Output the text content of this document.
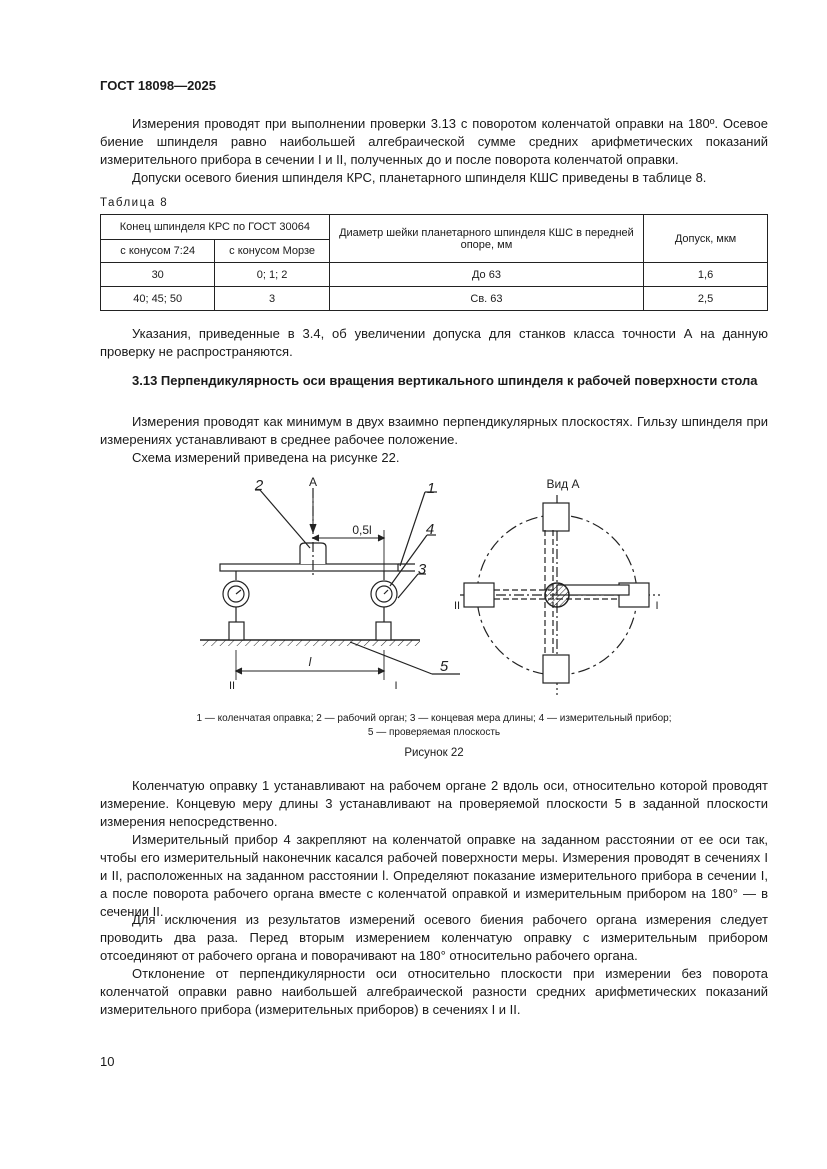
ГОСТ 18098—2025

Измерения проводят при выполнении проверки 3.13 с поворотом коленчатой оправки на 180º. Осевое биение шпинделя равно наибольшей алгебраической сумме средних арифметических показаний измерительного прибора в сечении I и II, полученных до и после поворота коленчатой оправки.

Допуски осевого биения шпинделя КРС, планетарного шпинделя КШС приведены в таблице 8.

Таблица 8
Конец шпинделя КРС по ГОСТ 30064		Диаметр шейки планетарного шпинделя КШС в передней опоре, мм	Допуск, мкм
с конусом 7:24	с конусом Морзе		
30	0; 1; 2	До 63	1,6
40; 45; 50	3	Св. 63	2,5

Указания, приведенные в 3.4, об увеличении допуска для станков класса точности А на данную проверку не распространяются.

3.13 Перпендикулярность оси вращения вертикального шпинделя к рабочей поверхности стола

Измерения проводят как минимум в двух взаимно перпендикулярных плоскостях. Гильзу шпинделя при измерениях устанавливают в среднее рабочее положение.

Схема измерений приведена на рисунке 22.

А	Вид А
0,5l
l
2	1
4
3
5
II	I
II	I

1 — коленчатая оправка; 2 — рабочий орган; 3 — концевая мера длины; 4 — измерительный прибор;

5 — проверяемая плоскость

Рисунок 22

Коленчатую оправку 1 устанавливают на рабочем органе 2 вдоль оси, относительно которой проводят измерение. Концевую меру длины 3 устанавливают на проверяемой плоскости 5 в заданной плоскости измерения непосредственно.

Измерительный прибор 4 закрепляют на коленчатой оправке на заданном расстоянии от ее оси так, чтобы его измерительный наконечник касался рабочей поверхности меры. Измерения проводят в сечениях I и II, расположенных на заданном расстоянии l. Определяют показание измерительного прибора в сечении I, а после поворота рабочего органа вместе с коленчатой оправкой и измерительным прибором на 180° — в сечении II.

Для исключения из результатов измерений осевого биения рабочего органа измерения следует проводить два раза. Перед вторым измерением коленчатую оправку с измерительным прибором отсоединяют от рабочего органа и поворачивают на 180° относительно рабочего органа.

Отклонение от перпендикулярности оси относительно плоскости при измерении без поворота коленчатой оправки равно наибольшей алгебраической разности средних арифметических показаний измерительного прибора (измерительных приборов) в сечениях I и II.

10
